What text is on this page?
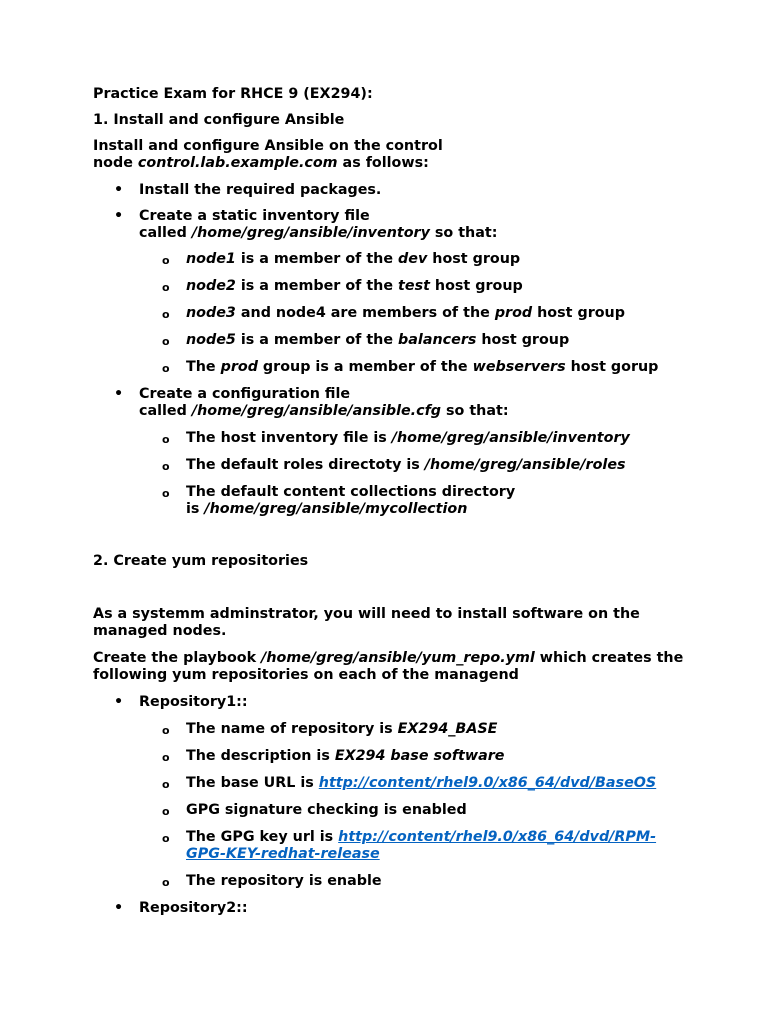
Practice Exam for RHCE 9 (EX294):

1. Install and configure Ansible

Install and configure Ansible on the control
node control.lab.example.com as follows:

• Install the required packages.

• Create a static inventory file
called /home/greg/ansible/inventory so that:

o node1 is a member of the dev host group

o node2 is a member of the test host group

o node3 and node4 are members of the prod host group

o node5 is a member of the balancers host group

o The prod group is a member of the webservers host gorup

• Create a configuration file
called /home/greg/ansible/ansible.cfg so that:

o The host inventory file is /home/greg/ansible/inventory

o The default roles directoty is /home/greg/ansible/roles

o The default content collections directory
is /home/greg/ansible/mycollection

2. Create yum repositories

As a systemm adminstrator, you will need to install software on the managed nodes.

Create the playbook /home/greg/ansible/yum_repo.yml which creates the following yum repositories on each of the managend

• Repository1::

o The name of repository is EX294_BASE

o The description is EX294 base software

o The base URL is http://content/rhel9.0/x86_64/dvd/BaseOS

o GPG signature checking is enabled

o The GPG key url is http://content/rhel9.0/x86_64/dvd/RPM-GPG-KEY-redhat-release

o The repository is enable

• Repository2::
